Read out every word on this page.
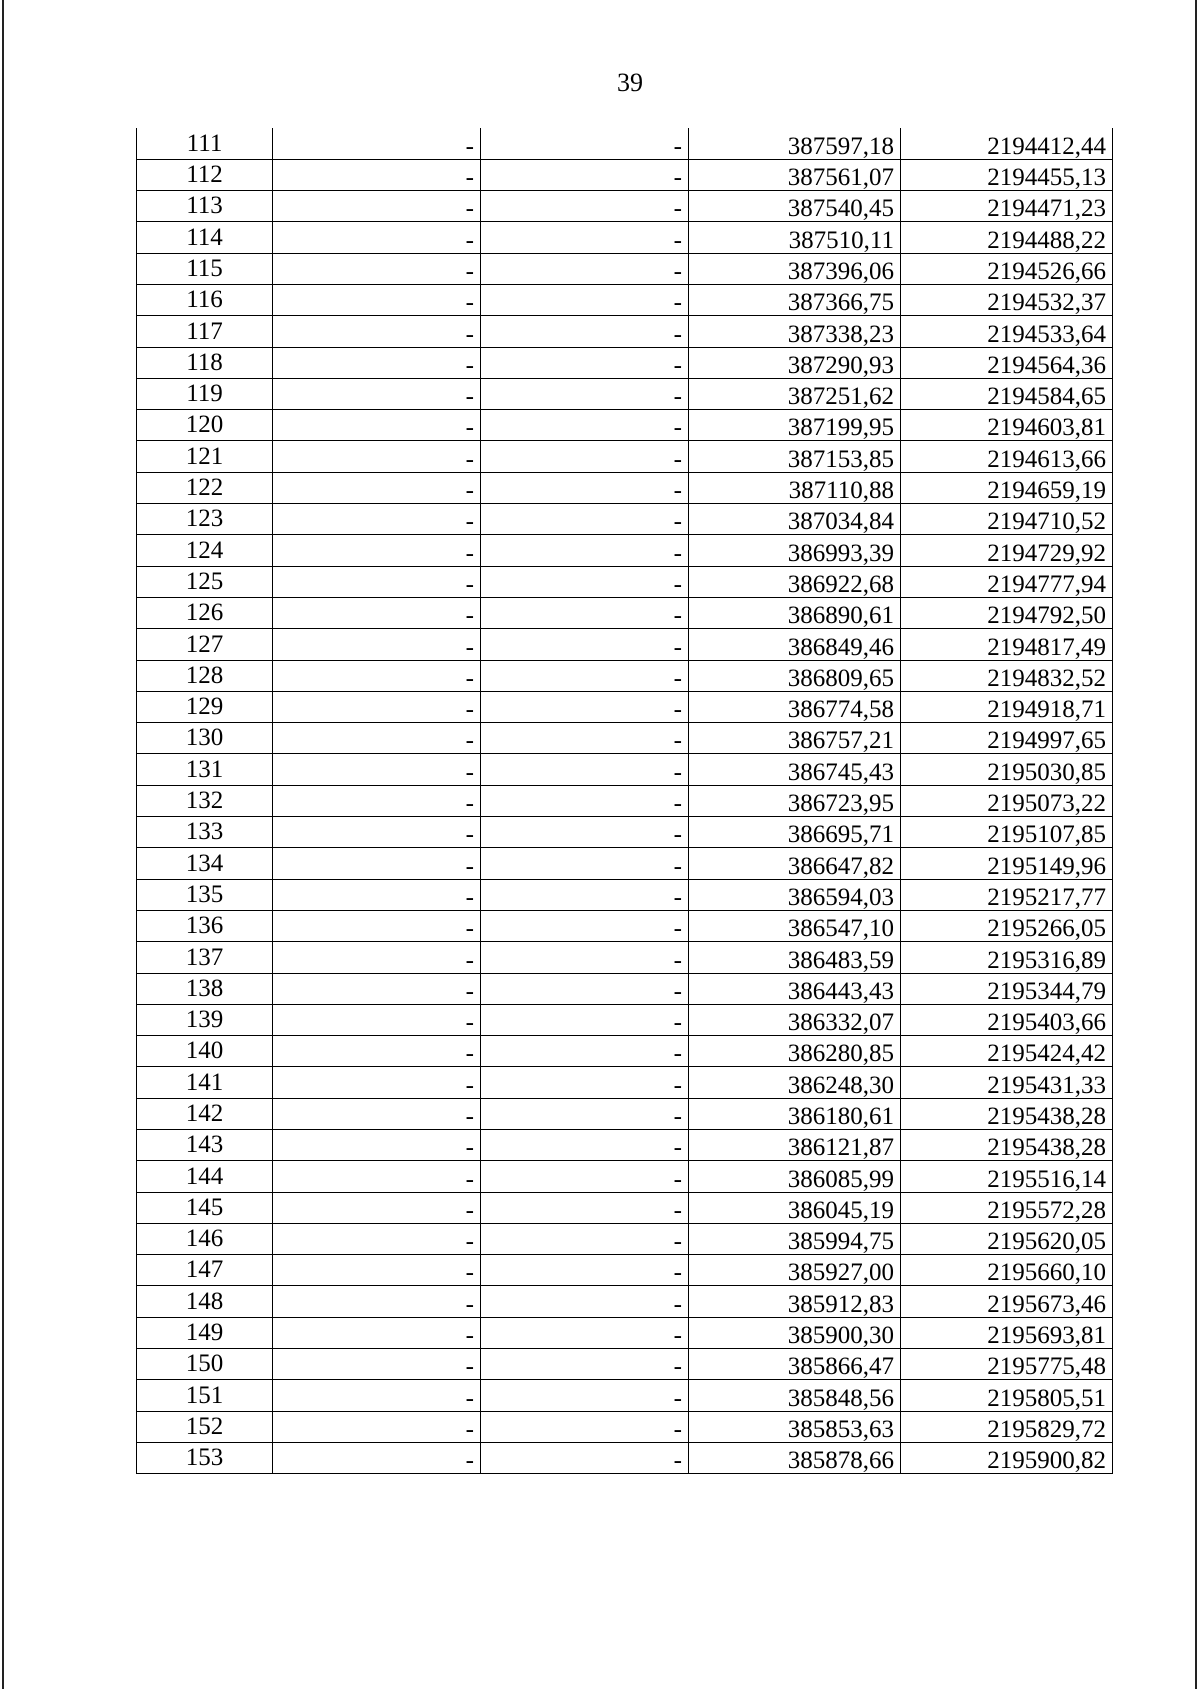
39
111	-	-	387597,18	2194412,44
112	-	-	387561,07	2194455,13
113	-	-	387540,45	2194471,23
114	-	-	387510,11	2194488,22
115	-	-	387396,06	2194526,66
116	-	-	387366,75	2194532,37
117	-	-	387338,23	2194533,64
118	-	-	387290,93	2194564,36
119	-	-	387251,62	2194584,65
120	-	-	387199,95	2194603,81
121	-	-	387153,85	2194613,66
122	-	-	387110,88	2194659,19
123	-	-	387034,84	2194710,52
124	-	-	386993,39	2194729,92
125	-	-	386922,68	2194777,94
126	-	-	386890,61	2194792,50
127	-	-	386849,46	2194817,49
128	-	-	386809,65	2194832,52
129	-	-	386774,58	2194918,71
130	-	-	386757,21	2194997,65
131	-	-	386745,43	2195030,85
132	-	-	386723,95	2195073,22
133	-	-	386695,71	2195107,85
134	-	-	386647,82	2195149,96
135	-	-	386594,03	2195217,77
136	-	-	386547,10	2195266,05
137	-	-	386483,59	2195316,89
138	-	-	386443,43	2195344,79
139	-	-	386332,07	2195403,66
140	-	-	386280,85	2195424,42
141	-	-	386248,30	2195431,33
142	-	-	386180,61	2195438,28
143	-	-	386121,87	2195438,28
144	-	-	386085,99	2195516,14
145	-	-	386045,19	2195572,28
146	-	-	385994,75	2195620,05
147	-	-	385927,00	2195660,10
148	-	-	385912,83	2195673,46
149	-	-	385900,30	2195693,81
150	-	-	385866,47	2195775,48
151	-	-	385848,56	2195805,51
152	-	-	385853,63	2195829,72
153	-	-	385878,66	2195900,82
